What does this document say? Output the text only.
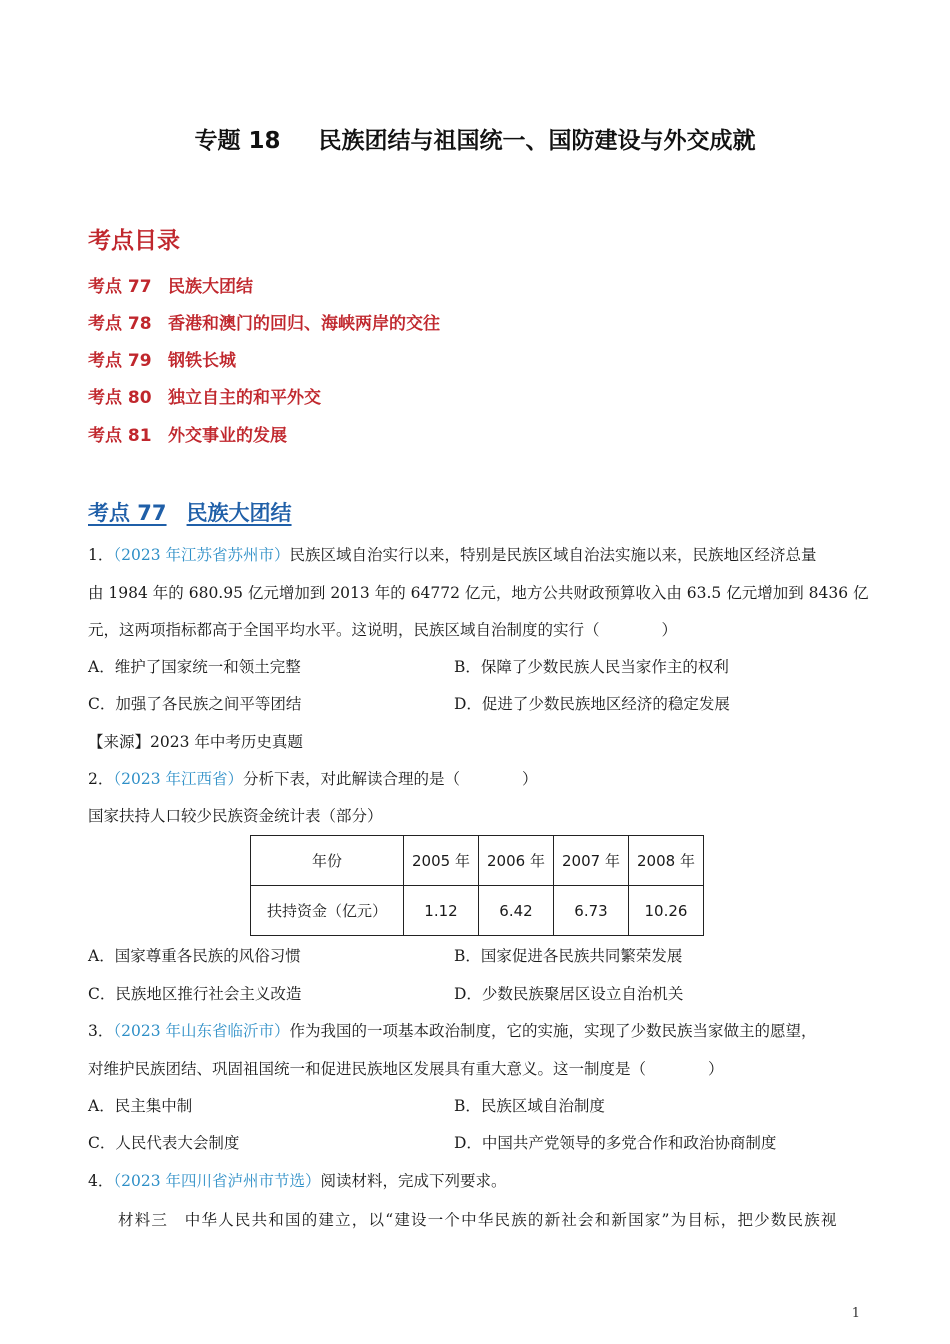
专题 18 民族团结与祖国统一、国防建设与外交成就
考点目录
考点 77 民族大团结
考点 78 香港和澳门的回归、海峡两岸的交往
考点 79 钢铁长城
考点 80 独立自主的和平外交
考点 81 外交事业的发展
考点 77 民族大团结
1．（2023 年江苏省苏州市）民族区域自治实行以来，特别是民族区域自治法实施以来，民族地区经济总量
由 1984 年的 680.95 亿元增加到 2013 年的 64772 亿元，地方公共财政预算收入由 63.5 亿元增加到 8436 亿
元，这两项指标都高于全国平均水平。这说明，民族区域自治制度的实行（　　　　）
A．维护了国家统一和领土完整	B．保障了少数民族人民当家作主的权利
C．加强了各民族之间平等团结	D．促进了少数民族地区经济的稳定发展
【来源】2023 年中考历史真题
2．（2023 年江西省）分析下表，对此解读合理的是（　　　　）
国家扶持人口较少民族资金统计表（部分）
年份	2005 年	2006 年	2007 年	2008 年
扶持资金（亿元）	1.12	6.42	6.73	10.26
A．国家尊重各民族的风俗习惯	B．国家促进各民族共同繁荣发展
C．民族地区推行社会主义改造	D．少数民族聚居区设立自治机关
3．（2023 年山东省临沂市）作为我国的一项基本政治制度，它的实施，实现了少数民族当家做主的愿望，
对维护民族团结、巩固祖国统一和促进民族地区发展具有重大意义。这一制度是（　　　　）
A．民主集中制	B．民族区域自治制度
C．人民代表大会制度	D．中国共产党领导的多党合作和政治协商制度
4．（2023 年四川省泸州市节选）阅读材料，完成下列要求。
材料三　中华人民共和国的建立，以“建设一个中华民族的新社会和新国家”为目标，把少数民族视
1
